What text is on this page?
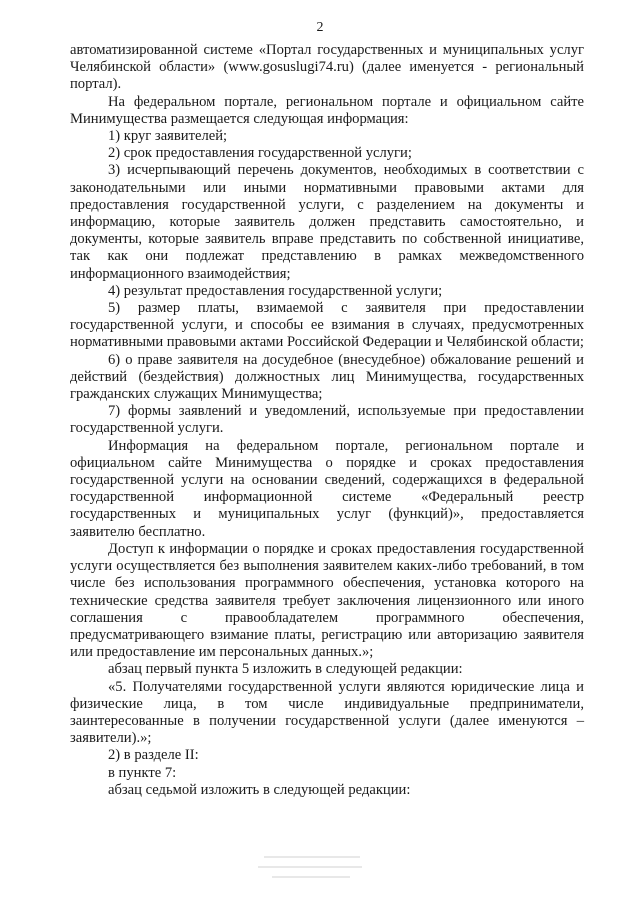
2

автоматизированной системе «Портал государственных и муниципальных услуг Челябинской области» (www.gosuslugi74.ru) (далее именуется - региональный портал).

На федеральном портале, региональном портале и официальном сайте Минимущества размещается следующая информация:

1) круг заявителей;

2) срок предоставления государственной услуги;

3) исчерпывающий перечень документов, необходимых в соответствии с законодательными или иными нормативными правовыми актами для предоставления государственной услуги, с разделением на документы и информацию, которые заявитель должен представить самостоятельно, и документы, которые заявитель вправе представить по собственной инициативе, так как они подлежат представлению в рамках межведомственного информационного взаимодействия;

4) результат предоставления государственной услуги;

5) размер платы, взимаемой с заявителя при предоставлении государственной услуги, и способы ее взимания в случаях, предусмотренных нормативными правовыми актами Российской Федерации и Челябинской области;

6) о праве заявителя на досудебное (внесудебное) обжалование решений и действий (бездействия) должностных лиц Минимущества, государственных гражданских служащих Минимущества;

7) формы заявлений и уведомлений, используемые при предоставлении государственной услуги.

Информация на федеральном портале, региональном портале и официальном сайте Минимущества о порядке и сроках предоставления государственной услуги на основании сведений, содержащихся в федеральной государственной информационной системе «Федеральный реестр государственных и муниципальных услуг (функций)», предоставляется заявителю бесплатно.

Доступ к информации о порядке и сроках предоставления государственной услуги осуществляется без выполнения заявителем каких-либо требований, в том числе без использования программного обеспечения, установка которого на технические средства заявителя требует заключения лицензионного или иного соглашения с правообладателем программного обеспечения, предусматривающего взимание платы, регистрацию или авторизацию заявителя или предоставление им персональных данных.»;

абзац первый пункта 5 изложить в следующей редакции:

«5. Получателями государственной услуги являются юридические лица и физические лица, в том числе индивидуальные предприниматели, заинтересованные в получении государственной услуги (далее именуются – заявители).»;

2) в разделе II:

в пункте 7:

абзац седьмой изложить в следующей редакции:
